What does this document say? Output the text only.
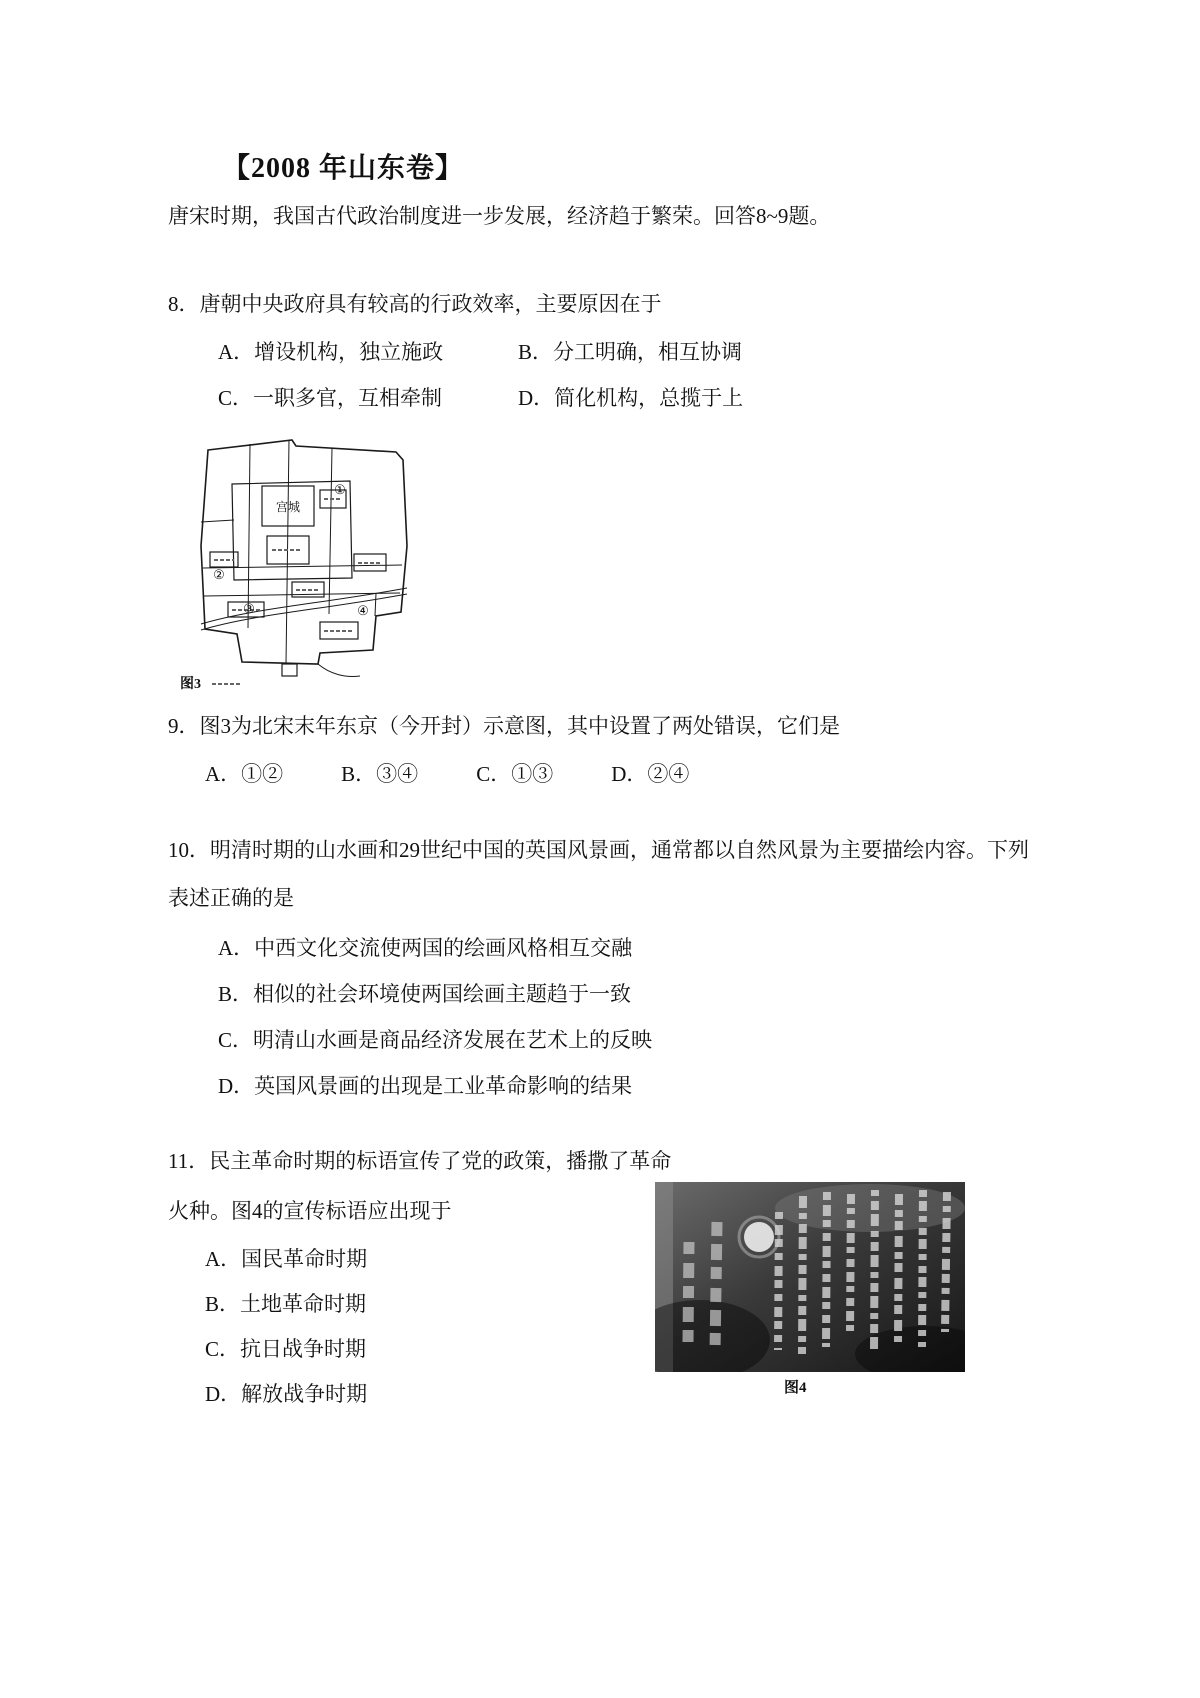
【2008 年山东卷】
唐宋时期，我国古代政治制度进一步发展，经济趋于繁荣。回答8~9题。
8．唐朝中央政府具有较高的行政效率，主要原因在于
A．增设机构，独立施政	B．分工明确，相互协调
C．一职多官，互相牵制	D．简化机构，总揽于上
宫城
①
②
③	④
图3
9．图3为北宋末年东京（今开封）示意图，其中设置了两处错误，它们是
A．①②	B．③④	C．①③	D．②④
10．明清时期的山水画和29世纪中国的英国风景画，通常都以自然风景为主要描绘内容。下列表述正确的是
A．中西文化交流使两国的绘画风格相互交融
B．相似的社会环境使两国绘画主题趋于一致
C．明清山水画是商品经济发展在艺术上的反映
D．英国风景画的出现是工业革命影响的结果
11．民主革命时期的标语宣传了党的政策，播撒了革命火种。图4的宣传标语应出现于
A．国民革命时期
B．土地革命时期
C．抗日战争时期
D．解放战争时期	图4
